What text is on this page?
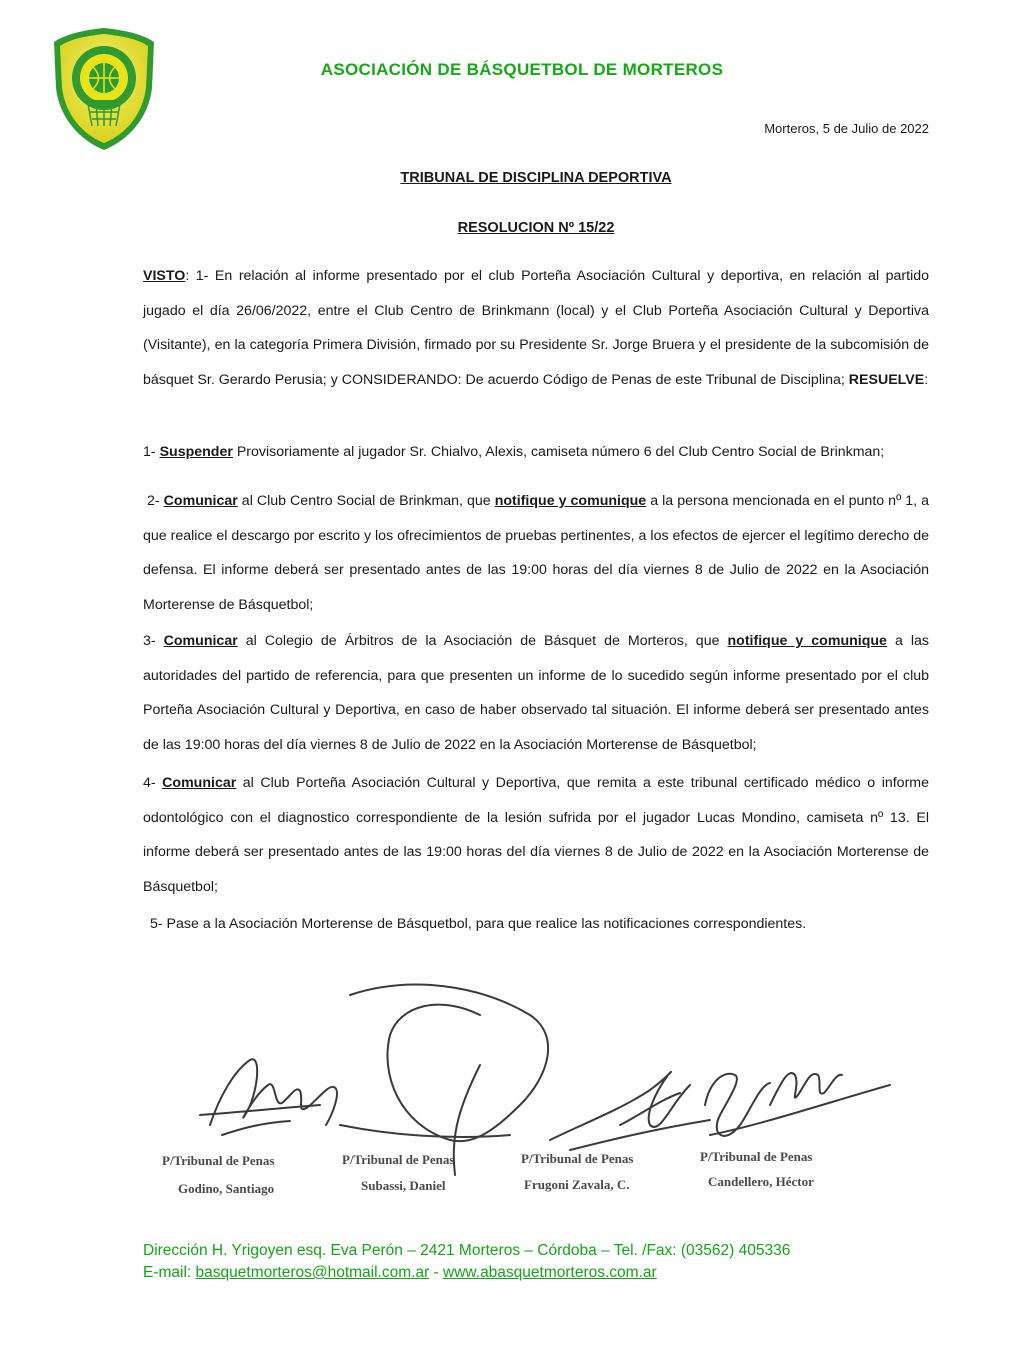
ASOCIACIÓN DE BÁSQUETBOL DE MORTEROS
Morteros, 5 de Julio de 2022
TRIBUNAL DE DISCIPLINA DEPORTIVA
RESOLUCION Nº 15/22
VISTO: 1- En relación al informe presentado por el club Porteña Asociación Cultural y deportiva, en relación al partido jugado el día 26/06/2022, entre el Club Centro de Brinkmann (local) y el Club Porteña Asociación Cultural y Deportiva (Visitante), en la categoría Primera División, firmado por su Presidente Sr. Jorge Bruera y el presidente de la subcomisión de básquet Sr. Gerardo Perusia; y CONSIDERANDO: De acuerdo Código de Penas de este Tribunal de Disciplina; RESUELVE:
1- Suspender Provisoriamente al jugador Sr. Chialvo, Alexis, camiseta número 6 del Club Centro Social de Brinkman;
2- Comunicar al Club Centro Social de Brinkman, que notifique y comunique a la persona mencionada en el punto nº 1, a que realice el descargo por escrito y los ofrecimientos de pruebas pertinentes, a los efectos de ejercer el legítimo derecho de defensa. El informe deberá ser presentado antes de las 19:00 horas del día viernes 8 de Julio de 2022 en la Asociación Morterense de Básquetbol;
3- Comunicar al Colegio de Árbitros de la Asociación de Básquet de Morteros, que notifique y comunique a las autoridades del partido de referencia, para que presenten un informe de lo sucedido según informe presentado por el club Porteña Asociación Cultural y Deportiva, en caso de haber observado tal situación. El informe deberá ser presentado antes de las 19:00 horas del día viernes 8 de Julio de 2022 en la Asociación Morterense de Básquetbol;
4- Comunicar al Club Porteña Asociación Cultural y Deportiva, que remita a este tribunal certificado médico o informe odontológico con el diagnostico correspondiente de la lesión sufrida por el jugador Lucas Mondino, camiseta nº 13. El informe deberá ser presentado antes de las 19:00 horas del día viernes 8 de Julio de 2022 en la Asociación Morterense de Básquetbol;
5- Pase a la Asociación Morterense de Básquetbol, para que realice las notificaciones correspondientes.
P/Tribunal de Penas
Godino, Santiago
P/Tribunal de Penas
Subassi, Daniel
P/Tribunal de Penas
Frugoni Zavala, C.
P/Tribunal de Penas
Candellero, Héctor
Dirección H. Yrigoyen esq. Eva Perón – 2421 Morteros – Córdoba – Tel. /Fax: (03562) 405336
E-mail: basquetmorteros@hotmail.com.ar - www.abasquetmorteros.com.ar
